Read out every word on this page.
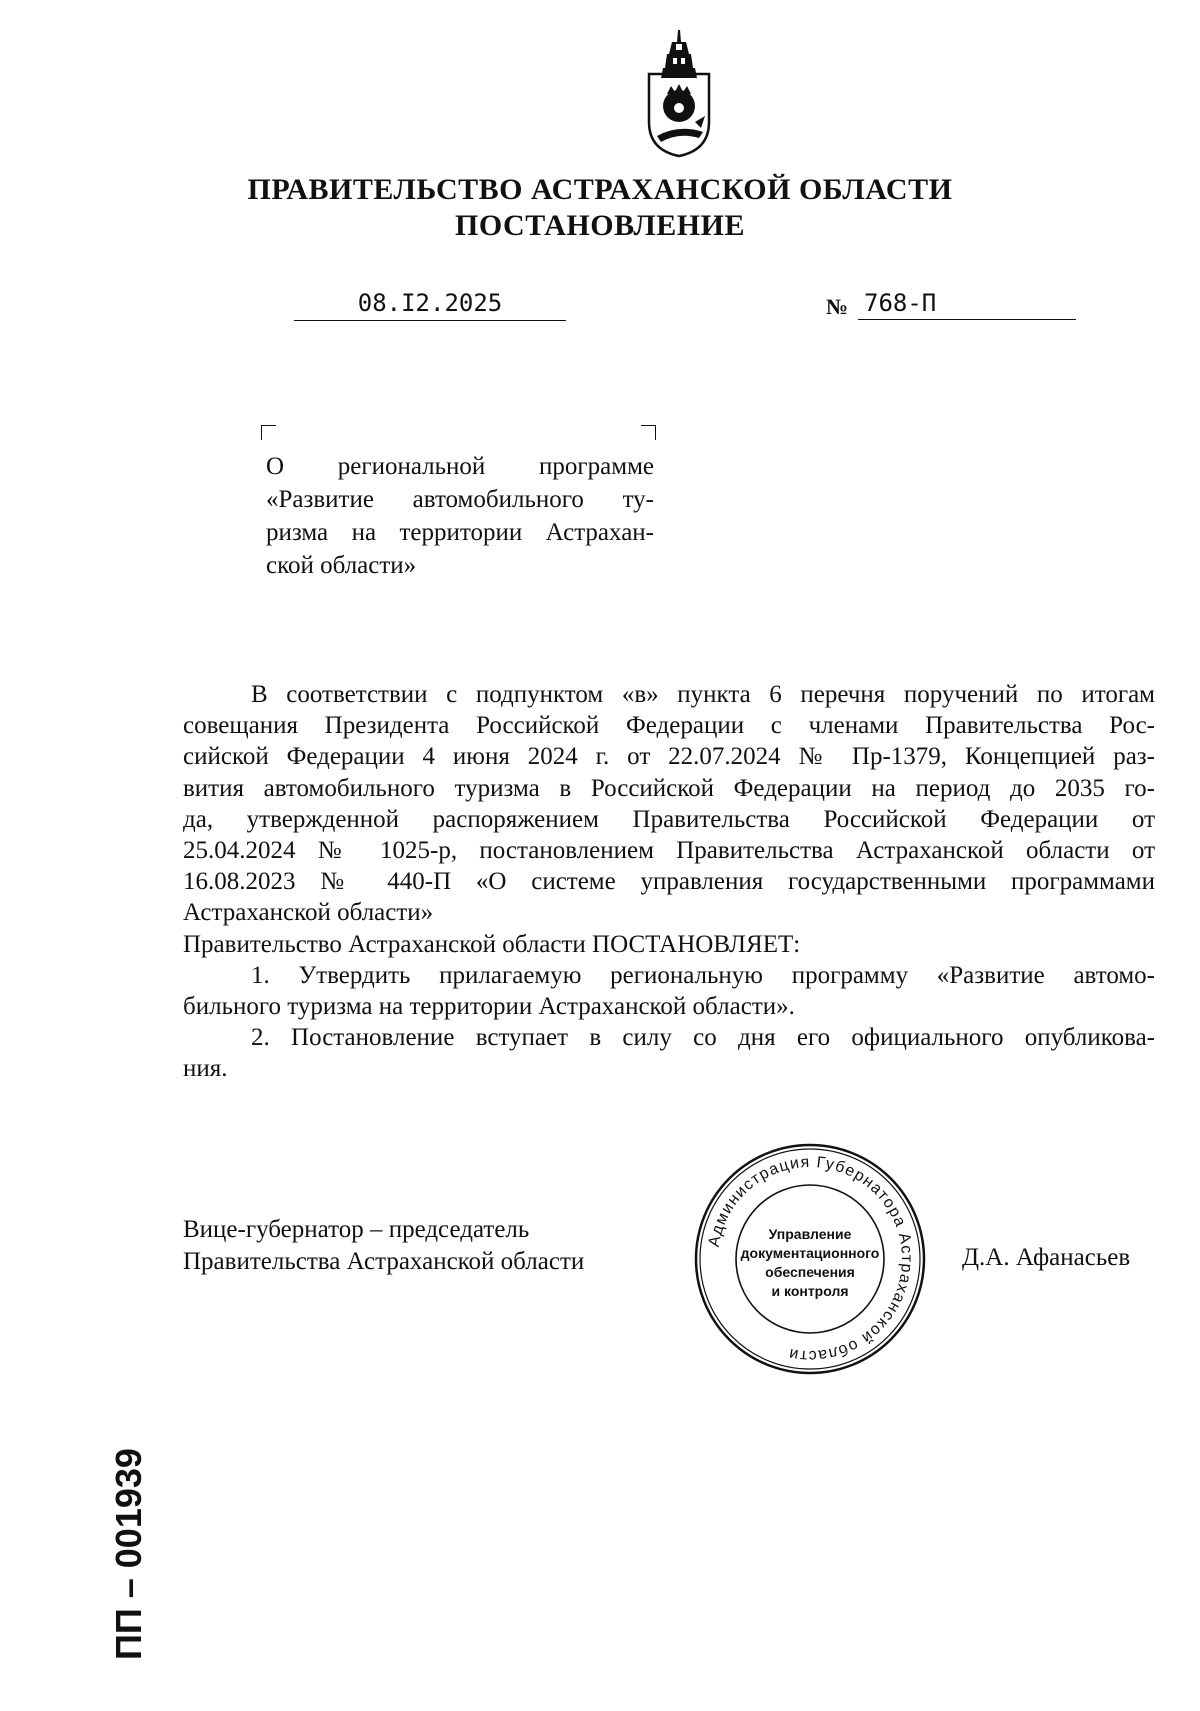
ПРАВИТЕЛЬСТВО АСТРАХАНСКОЙ ОБЛАСТИ
ПОСТАНОВЛЕНИЕ
08.I2.2025	№ 768-П
О региональной программе
«Развитие автомобильного ту-
ризма на территории Астрахан-
ской области»
В соответствии с подпунктом «в» пункта 6 перечня поручений по итогам
совещания Президента Российской Федерации с членами Правительства Рос-
сийской Федерации 4 июня 2024 г. от 22.07.2024 № Пр-1379, Концепцией раз-
вития автомобильного туризма в Российской Федерации на период до 2035 го-
да, утвержденной распоряжением Правительства Российской Федерации от
25.04.2024 № 1025-р, постановлением Правительства Астраханской области от
16.08.2023 № 440-П «О системе управления государственными программами
Астраханской области»
Правительство Астраханской области ПОСТАНОВЛЯЕТ:
1. Утвердить прилагаемую региональную программу «Развитие автомо-
бильного туризма на территории Астраханской области».
2. Постановление вступает в силу со дня его официального опубликова-
ния.
Вице-губернатор – председатель
Правительства Астраханской области	Д.А. Афанасьев
Администрация Губернатора Астраханской области
Управление
документационного
обеспечения
и контроля
ПП – 001939
